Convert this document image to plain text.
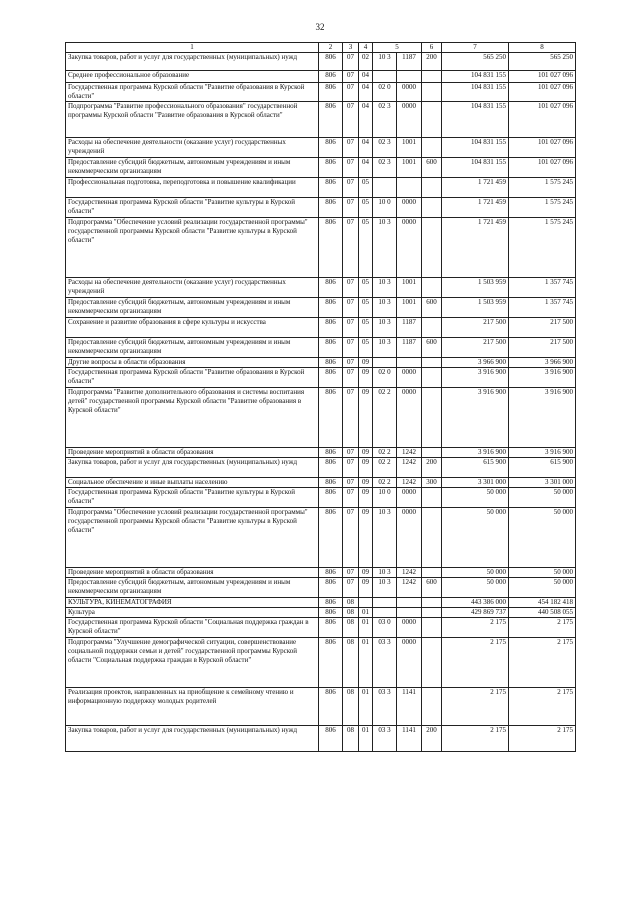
32
1	2	3	4	5		6	7	8
Закупка товаров, работ и услуг для государственных (муниципальных) нужд	806	07	02	10 3	1187	200	565 250	565 250
Среднее профессиональное образование	806	07	04				104 831 155	101 027 096
Государственная программа Курской области "Развитие образования в Курской области"	806	07	04	02 0	0000		104 831 155	101 027 096
Подпрограмма "Развитие профессионального образования" государственной программы Курской области "Развитие образования в Курской области"	806	07	04	02 3	0000		104 831 155	101 027 096
Расходы на обеспечение деятельности (оказание услуг) государственных учреждений	806	07	04	02 3	1001		104 831 155	101 027 096
Предоставление субсидий бюджетным, автономным учреждениям и иным некоммерческим организациям	806	07	04	02 3	1001	600	104 831 155	101 027 096
Профессиональная подготовка, переподготовка и повышение квалификации	806	07	05				1 721 459	1 575 245
Государственная программа Курской области "Развитие культуры в Курской области"	806	07	05	10 0	0000		1 721 459	1 575 245
Подпрограмма "Обеспечение условий реализации государственной программы" государственной программы Курской области "Развитие культуры в Курской области"	806	07	05	10 3	0000		1 721 459	1 575 245
Расходы на обеспечение деятельности (оказание услуг) государственных учреждений	806	07	05	10 3	1001		1 503 959	1 357 745
Предоставление субсидий бюджетным, автономным учреждениям и иным некоммерческим организациям	806	07	05	10 3	1001	600	1 503 959	1 357 745
Сохранение и развитие образования в сфере культуры и искусства	806	07	05	10 3	1187		217 500	217 500
Предоставление субсидий бюджетным, автономным учреждениям и иным некоммерческим организациям	806	07	05	10 3	1187	600	217 500	217 500
Другие вопросы в области образования	806	07	09				3 966 900	3 966 900
Государственная программа Курской области "Развитие образования в Курской области"	806	07	09	02 0	0000		3 916 900	3 916 900
Подпрограмма "Развитие дополнительного образования и системы воспитания детей" государственной программы Курской области "Развитие образования в Курской области"	806	07	09	02 2	0000		3 916 900	3 916 900
Проведение мероприятий в области образования	806	07	09	02 2	1242		3 916 900	3 916 900
Закупка товаров, работ и услуг для государственных (муниципальных) нужд	806	07	09	02 2	1242	200	615 900	615 900
Социальное обеспечение и иные выплаты населению	806	07	09	02 2	1242	300	3 301 000	3 301 000
Государственная программа Курской области "Развитие культуры в Курской области"	806	07	09	10 0	0000		50 000	50 000
Подпрограмма "Обеспечение условий реализации государственной программы" государственной программы Курской области "Развитие культуры в Курской области"	806	07	09	10 3	0000		50 000	50 000
Проведение мероприятий в области образования	806	07	09	10 3	1242		50 000	50 000
Предоставление субсидий бюджетным, автономным учреждениям и иным некоммерческим организациям	806	07	09	10 3	1242	600	50 000	50 000
КУЛЬТУРА, КИНЕМАТОГРАФИЯ	806	08					443 386 000	454 182 418
Культура	806	08	01				429 869 737	440 508 055
Государственная программа Курской области "Социальная поддержка граждан в Курской области"	806	08	01	03 0	0000		2 175	2 175
Подпрограмма "Улучшение демографической ситуации, совершенствование социальной поддержки семьи и детей" государственной программы Курской области "Социальная поддержка граждан в Курской области"	806	08	01	03 3	0000		2 175	2 175
Реализация проектов, направленных на приобщение к семейному чтению и информационную поддержку молодых родителей	806	08	01	03 3	1141		2 175	2 175
Закупка товаров, работ и услуг для государственных (муниципальных) нужд	806	08	01	03 3	1141	200	2 175	2 175
